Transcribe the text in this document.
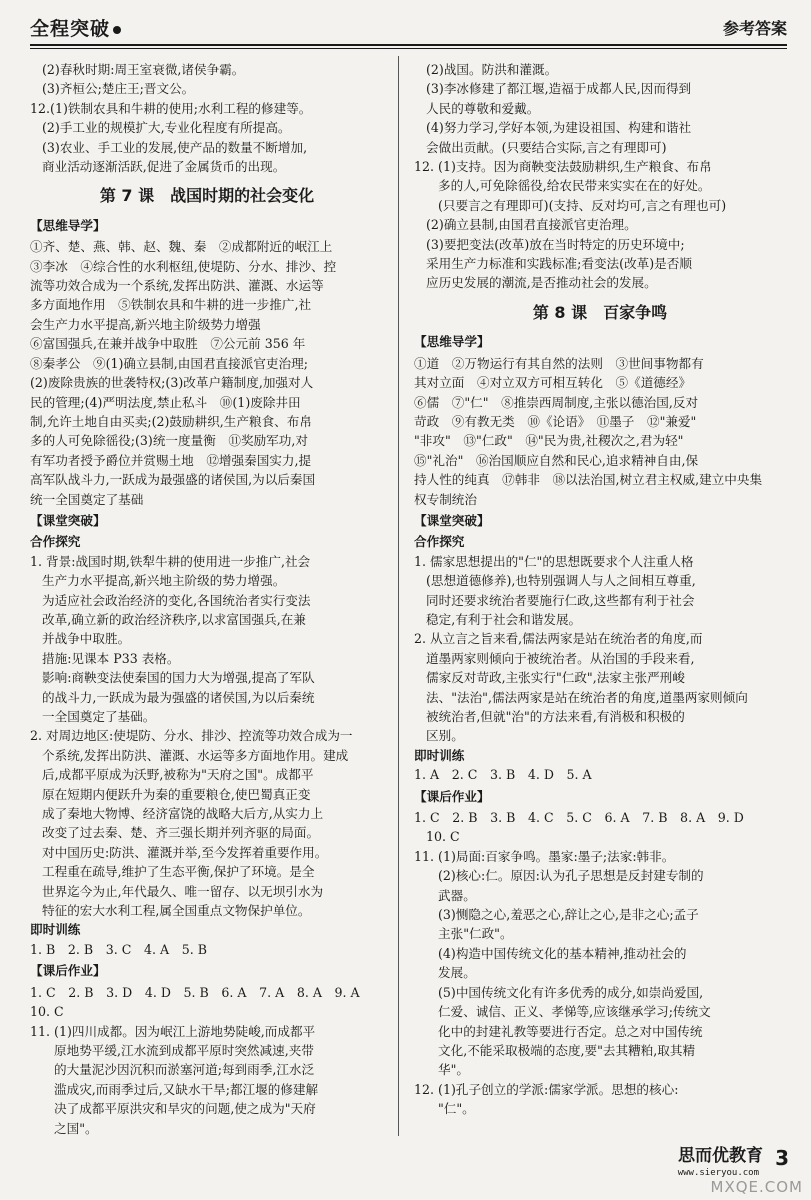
全程突破	参考答案
(2)春秋时期:周王室衰微,诸侯争霸。
(3)齐桓公;楚庄王;晋文公。
12.(1)铁制农具和牛耕的使用;水利工程的修建等。
(2)手工业的规模扩大,专业化程度有所提高。
(3)农业、手工业的发展,使产品的数量不断增加,
商业活动逐渐活跃,促进了金属货币的出现。
第 7 课　战国时期的社会变化
【思维导学】
①齐、楚、燕、韩、赵、魏、秦　②成都附近的岷江上
③李冰　④综合性的水利枢纽,使堤防、分水、排沙、控
流等功效合成为一个系统,发挥出防洪、灌溉、水运等
多方面地作用　⑤铁制农具和牛耕的进一步推广,社
会生产力水平提高,新兴地主阶级势力增强
⑥富国强兵,在兼并战争中取胜　⑦公元前 356 年
⑧秦孝公　⑨(1)确立县制,由国君直接派官吏治理;
(2)废除贵族的世袭特权;(3)改革户籍制度,加强对人
民的管理;(4)严明法度,禁止私斗　⑩(1)废除井田
制,允许土地自由买卖;(2)鼓励耕织,生产粮食、布帛
多的人可免除徭役;(3)统一度量衡　⑪奖励军功,对
有军功者授予爵位并赏赐土地　⑫增强秦国实力,提
高军队战斗力,一跃成为最强盛的诸侯国,为以后秦国
统一全国奠定了基础
【课堂突破】
合作探究
1. 背景:战国时期,铁犁牛耕的使用进一步推广,社会
生产力水平提高,新兴地主阶级的势力增强。
为适应社会政治经济的变化,各国统治者实行变法
改革,确立新的政治经济秩序,以求富国强兵,在兼
并战争中取胜。
措施:见课本 P33 表格。
影响:商鞅变法使秦国的国力大为增强,提高了军队
的战斗力,一跃成为最为强盛的诸侯国,为以后秦统
一全国奠定了基础。
2. 对周边地区:使堤防、分水、排沙、控流等功效合成为一
个系统,发挥出防洪、灌溉、水运等多方面地作用。建成
后,成都平原成为沃野,被称为"天府之国"。成都平
原在短期内便跃升为秦的重要粮仓,使巴蜀真正变
成了秦地大物博、经济富饶的战略大后方,从实力上
改变了过去秦、楚、齐三强长期并列齐驱的局面。
对中国历史:防洪、灌溉并举,至今发挥着重要作用。
工程重在疏导,维护了生态平衡,保护了环境。是全
世界迄今为止,年代最久、唯一留存、以无坝引水为
特征的宏大水利工程,属全国重点文物保护单位。
即时训练
1. B　2. B　3. C　4. A　5. B
【课后作业】
1. C　2. B　3. D　4. D　5. B　6. A　7. A　8. A　9. A
10. C
11. (1)四川成都。因为岷江上游地势陡峻,而成都平
原地势平缓,江水流到成都平原时突然减速,夹带
的大量泥沙因沉积而淤塞河道;每到雨季,江水泛
滥成灾,而雨季过后,又缺水干旱;都江堰的修建解
决了成都平原洪灾和旱灾的问题,使之成为"天府
之国"。
(2)战国。防洪和灌溉。
(3)李冰修建了都江堰,造福于成都人民,因而得到
人民的尊敬和爱戴。
(4)努力学习,学好本领,为建设祖国、构建和谐社
会做出贡献。(只要结合实际,言之有理即可)
12. (1)支持。因为商鞅变法鼓励耕织,生产粮食、布帛
多的人,可免除徭役,给农民带来实实在在的好处。
(只要言之有理即可)(支持、反对均可,言之有理也可)
(2)确立县制,由国君直接派官吏治理。
(3)要把变法(改革)放在当时特定的历史环境中;
采用生产力标准和实践标准;看变法(改革)是否顺
应历史发展的潮流,是否推动社会的发展。
第 8 课　百家争鸣
【思维导学】
①道　②万物运行有其自然的法则　③世间事物都有
其对立面　④对立双方可相互转化　⑤《道德经》
⑥儒　⑦"仁"　⑧推崇西周制度,主张以德治国,反对
苛政　⑨有教无类　⑩《论语》　⑪墨子　⑫"兼爱"
"非攻"　⑬"仁政"　⑭"民为贵,社稷次之,君为轻"
⑮"礼治"　⑯治国顺应自然和民心,追求精神自由,保
持人性的纯真　⑰韩非　⑱以法治国,树立君主权威,建立中央集
权专制统治
【课堂突破】
合作探究
1. 儒家思想提出的"仁"的思想既要求个人注重人格
(思想道德修养),也特别强调人与人之间相互尊重,
同时还要求统治者要施行仁政,这些都有利于社会
稳定,有利于社会和谐发展。
2. 从立言之旨来看,儒法两家是站在统治者的角度,而
道墨两家则倾向于被统治者。从治国的手段来看,
儒家反对苛政,主张实行"仁政",法家主张严刑峻
法、"法治",儒法两家是站在统治者的角度,道墨两家则倾向
被统治者,但就"治"的方法来看,有消极和积极的
区别。
即时训练
1. A　2. C　3. B　4. D　5. A
【课后作业】
1. C　2. B　3. B　4. C　5. C　6. A　7. B　8. A　9. D
10. C
11. (1)局面:百家争鸣。墨家:墨子;法家:韩非。
(2)核心:仁。原因:认为孔子思想是反封建专制的
武器。
(3)恻隐之心,羞恶之心,辞让之心,是非之心;孟子
主张"仁政"。
(4)构造中国传统文化的基本精神,推动社会的
发展。
(5)中国传统文化有许多优秀的成分,如崇尚爱国,
仁爱、诚信、正义、孝悌等,应该继承学习;传统文
化中的封建礼教等要进行否定。总之对中国传统
文化,不能采取极端的态度,要"去其糟粕,取其精
华"。
12. (1)孔子创立的学派:儒家学派。思想的核心:
"仁"。
思而优教育
www.sieryou.com
3
MXQE.COM
